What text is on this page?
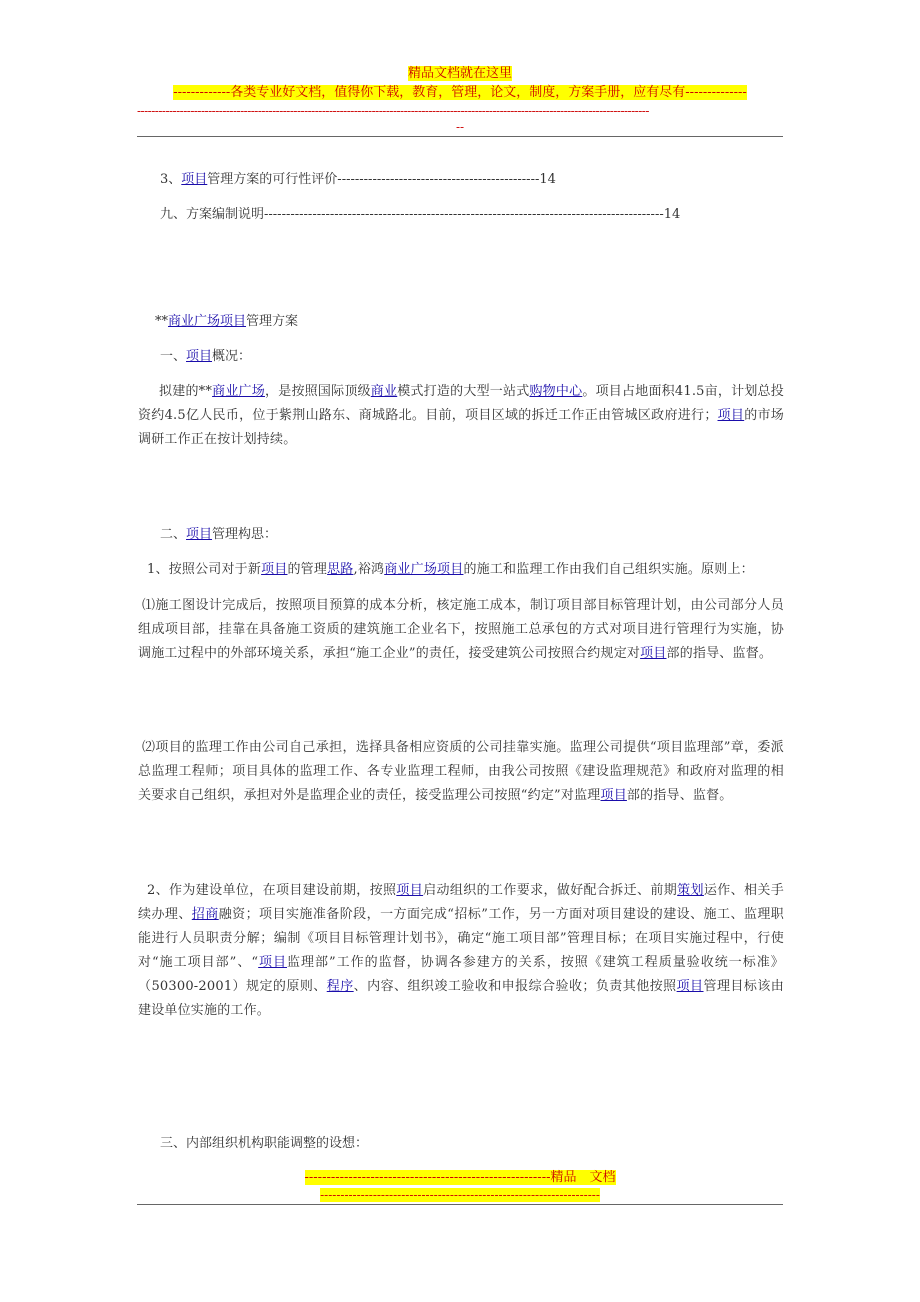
精品文档就在这里
-------------各类专业好文档，值得你下载，教育，管理，论文，制度，方案手册，应有尽有--------------
------------------------------------------------------------------------------------------------------------------------------------------------
--
3、项目管理方案的可行性评价----------------------------------------------14
九、方案编制说明-------------------------------------------------------------------------------------------14
**商业广场项目管理方案
一、项目概况：
拟建的**商业广场，是按照国际顶级商业模式打造的大型一站式购物中心。项目占地面积41.5亩，计划总投资约4.5亿人民币，位于紫荆山路东、商城路北。目前，项目区域的拆迁工作正由管城区政府进行；项目的市场调研工作正在按计划持续。
二、项目管理构思：
1、按照公司对于新项目的管理思路,裕鸿商业广场项目的施工和监理工作由我们自己组织实施。原则上：
⑴施工图设计完成后，按照项目预算的成本分析，核定施工成本，制订项目部目标管理计划，由公司部分人员组成项目部，挂靠在具备施工资质的建筑施工企业名下，按照施工总承包的方式对项目进行管理行为实施，协调施工过程中的外部环境关系，承担“施工企业”的责任，接受建筑公司按照合约规定对项目部的指导、监督。
⑵项目的监理工作由公司自己承担，选择具备相应资质的公司挂靠实施。监理公司提供“项目监理部”章，委派总监理工程师；项目具体的监理工作、各专业监理工程师，由我公司按照《建设监理规范》和政府对监理的相关要求自己组织，承担对外是监理企业的责任，接受监理公司按照“约定”对监理项目部的指导、监督。
2、作为建设单位，在项目建设前期，按照项目启动组织的工作要求，做好配合拆迁、前期策划运作、相关手续办理、招商融资；项目实施准备阶段，一方面完成“招标”工作，另一方面对项目建设的建设、施工、监理职能进行人员职责分解；编制《项目目标管理计划书》，确定“施工项目部”管理目标；在项目实施过程中，行使对“施工项目部”、“项目监理部”工作的监督，协调各参建方的关系，按照《建筑工程质量验收统一标准》（50300-2001）规定的原则、程序、内容、组织竣工验收和申报综合验收；负责其他按照项目管理目标该由建设单位实施的工作。
三、内部组织机构职能调整的设想：
--------------------------------------------------------精品　文档
---------------------------------------------------------------------
